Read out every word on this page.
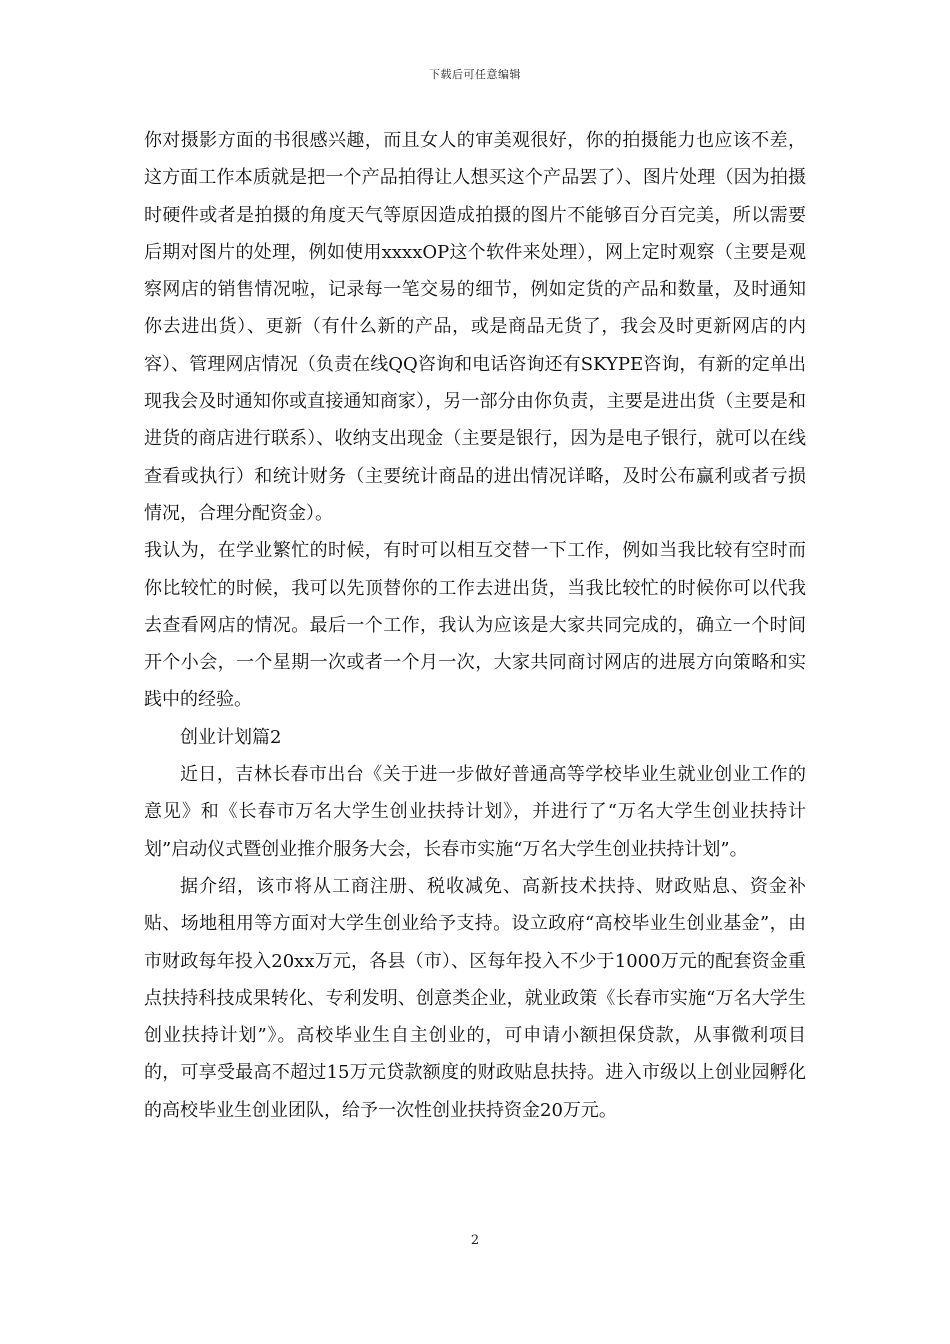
下载后可任意编辑

你对摄影方面的书很感兴趣，而且女人的审美观很好，你的拍摄能力也应该不差，这方面工作本质就是把一个产品拍得让人想买这个产品罢了）、图片处理（因为拍摄时硬件或者是拍摄的角度天气等原因造成拍摄的图片不能够百分百完美，所以需要后期对图片的处理，例如使用xxxxOP这个软件来处理），网上定时观察（主要是观察网店的销售情况啦，记录每一笔交易的细节，例如定货的产品和数量，及时通知你去进出货）、更新（有什么新的产品，或是商品无货了，我会及时更新网店的内容）、管理网店情况（负责在线QQ咨询和电话咨询还有SKYPE咨询，有新的定单出现我会及时通知你或直接通知商家），另一部分由你负责，主要是进出货（主要是和进货的商店进行联系）、收纳支出现金（主要是银行，因为是电子银行，就可以在线查看或执行）和统计财务（主要统计商品的进出情况详略，及时公布赢利或者亏损情况，合理分配资金）。

我认为，在学业繁忙的时候，有时可以相互交替一下工作，例如当我比较有空时而你比较忙的时候，我可以先顶替你的工作去进出货，当我比较忙的时候你可以代我去查看网店的情况。最后一个工作，我认为应该是大家共同完成的，确立一个时间开个小会，一个星期一次或者一个月一次，大家共同商讨网店的进展方向策略和实践中的经验。

创业计划篇2

近日，吉林长春市出台《关于进一步做好普通高等学校毕业生就业创业工作的意见》和《长春市万名大学生创业扶持计划》，并进行了“万名大学生创业扶持计划”启动仪式暨创业推介服务大会，长春市实施“万名大学生创业扶持计划”。

据介绍，该市将从工商注册、税收减免、高新技术扶持、财政贴息、资金补贴、场地租用等方面对大学生创业给予支持。设立政府“高校毕业生创业基金”，由市财政每年投入20xx万元，各县（市）、区每年投入不少于1000万元的配套资金重点扶持科技成果转化、专利发明、创意类企业，就业政策《长春市实施“万名大学生创业扶持计划”》。高校毕业生自主创业的，可申请小额担保贷款，从事微利项目的，可享受最高不超过15万元贷款额度的财政贴息扶持。进入市级以上创业园孵化的高校毕业生创业团队，给予一次性创业扶持资金20万元。

2
